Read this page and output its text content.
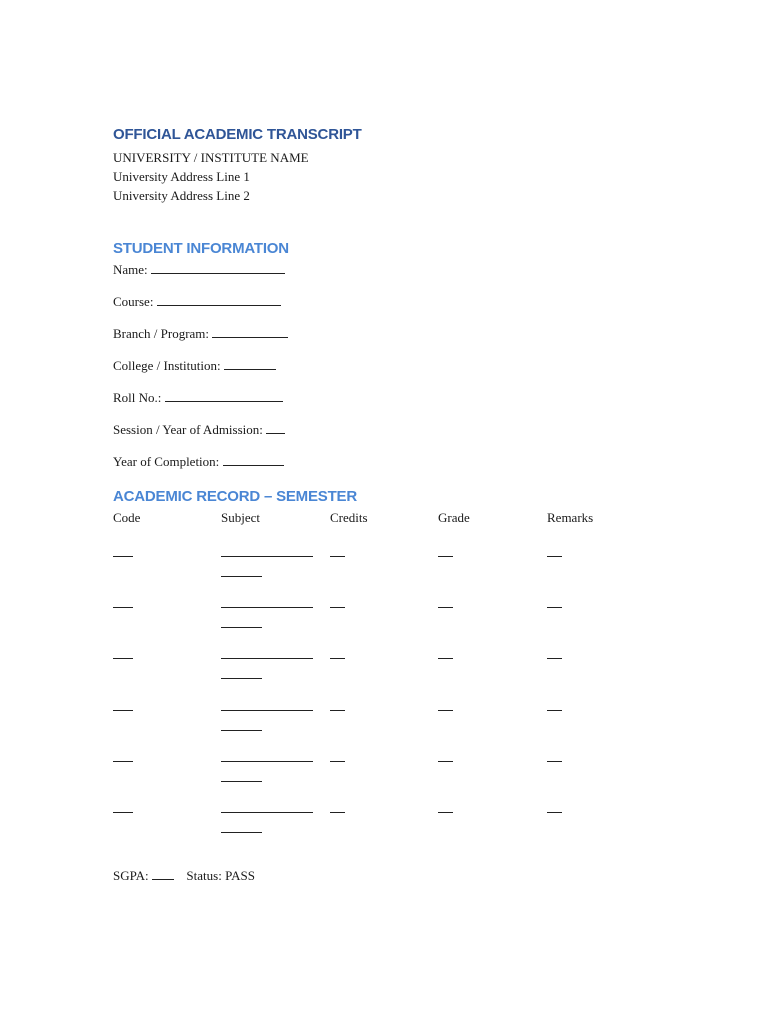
OFFICIAL ACADEMIC TRANSCRIPT
UNIVERSITY / INSTITUTE NAME
University Address Line 1
University Address Line 2
STUDENT INFORMATION
Name:
Course:
Branch / Program:
College / Institution:
Roll No.:
Session / Year of Admission:
Year of Completion:
ACADEMIC RECORD – SEMESTER
Code	Subject	Credits	Grade	Remarks
SGPA:	Status: PASS
